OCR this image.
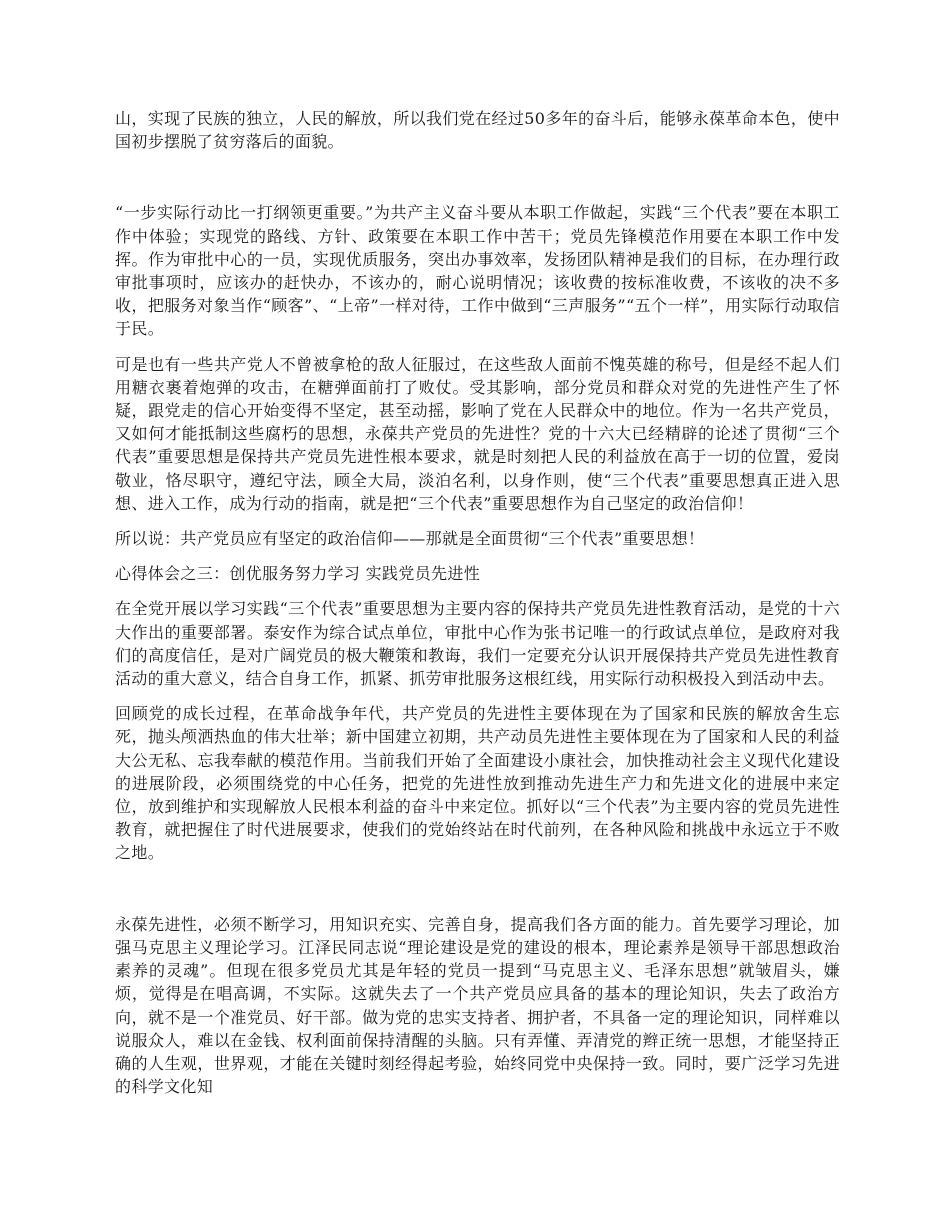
山，实现了民族的独立，人民的解放，所以我们党在经过50多年的奋斗后，能够永葆革命本色，使中国初步摆脱了贫穷落后的面貌。

“一步实际行动比一打纲领更重要。”为共产主义奋斗要从本职工作做起，实践“三个代表”要在本职工作中体验；实现党的路线、方针、政策要在本职工作中苦干；党员先锋模范作用要在本职工作中发挥。作为审批中心的一员，实现优质服务，突出办事效率，发扬团队精神是我们的目标，在办理行政审批事项时，应该办的赶快办，不该办的，耐心说明情况；该收费的按标准收费，不该收的决不多收，把服务对象当作“顾客”、“上帝”一样对待，工作中做到“三声服务”“五个一样”，用实际行动取信于民。

可是也有一些共产党人不曾被拿枪的敌人征服过，在这些敌人面前不愧英雄的称号，但是经不起人们用糖衣裹着炮弹的攻击，在糖弹面前打了败仗。受其影响，部分党员和群众对党的先进性产生了怀疑，跟党走的信心开始变得不坚定，甚至动摇，影响了党在人民群众中的地位。作为一名共产党员，又如何才能抵制这些腐朽的思想，永葆共产党员的先进性？党的十六大已经精辟的论述了贯彻“三个代表”重要思想是保持共产党员先进性根本要求，就是时刻把人民的利益放在高于一切的位置，爱岗敬业，恪尽职守，遵纪守法，顾全大局，淡泊名利，以身作则，使“三个代表”重要思想真正进入思想、进入工作，成为行动的指南，就是把“三个代表”重要思想作为自己坚定的政治信仰！

所以说：共产党员应有坚定的政治信仰——那就是全面贯彻“三个代表”重要思想！

心得体会之三：创优服务努力学习 实践党员先进性

在全党开展以学习实践“三个代表”重要思想为主要内容的保持共产党员先进性教育活动，是党的十六大作出的重要部署。泰安作为综合试点单位，审批中心作为张书记唯一的行政试点单位，是政府对我们的高度信任，是对广阔党员的极大鞭策和教诲，我们一定要充分认识开展保持共产党员先进性教育活动的重大意义，结合自身工作，抓紧、抓劳审批服务这根红线，用实际行动积极投入到活动中去。

回顾党的成长过程，在革命战争年代，共产党员的先进性主要体现在为了国家和民族的解放舍生忘死，抛头颅洒热血的伟大壮举；新中国建立初期，共产动员先进性主要体现在为了国家和人民的利益大公无私、忘我奉献的模范作用。当前我们开始了全面建设小康社会，加快推动社会主义现代化建设的进展阶段，必须围绕党的中心任务，把党的先进性放到推动先进生产力和先进文化的进展中来定位，放到维护和实现解放人民根本利益的奋斗中来定位。抓好以“三个代表”为主要内容的党员先进性教育，就把握住了时代进展要求，使我们的党始终站在时代前列，在各种风险和挑战中永远立于不败之地。

永葆先进性，必须不断学习，用知识充实、完善自身，提高我们各方面的能力。首先要学习理论，加强马克思主义理论学习。江泽民同志说“理论建设是党的建设的根本，理论素养是领导干部思想政治素养的灵魂”。但现在很多党员尤其是年轻的党员一提到“马克思主义、毛泽东思想”就皱眉头，嫌烦，觉得是在唱高调，不实际。这就失去了一个共产党员应具备的基本的理论知识，失去了政治方向，就不是一个准党员、好干部。做为党的忠实支持者、拥护者，不具备一定的理论知识，同样难以说服众人，难以在金钱、权利面前保持清醒的头脑。只有弄懂、弄清党的辫正统一思想，才能坚持正确的人生观，世界观，才能在关键时刻经得起考验，始终同党中央保持一致。同时，要广泛学习先进的科学文化知
